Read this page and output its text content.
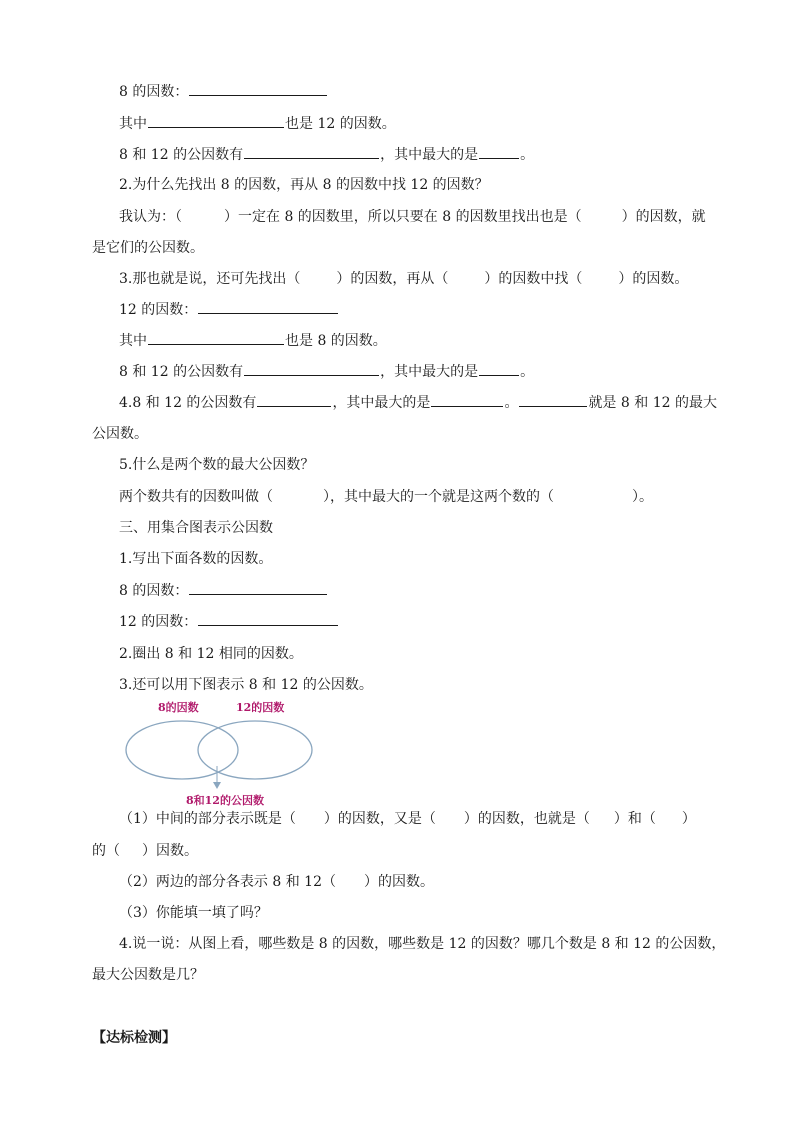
8 的因数：
其中	也是 12 的因数。
8 和 12 的公因数有	，其中最大的是	。
2.为什么先找出 8 的因数，再从 8 的因数中找 12 的因数？
我认为：（	）一定在 8 的因数里，所以只要在 8 的因数里找出也是（	）的因数，就
是它们的公因数。
3.那也就是说，还可先找出（	）的因数，再从（	）的因数中找（	）的因数。
12 的因数：
其中	也是 8 的因数。
8 和 12 的公因数有	，其中最大的是	。
4.8 和 12 的公因数有	，其中最大的是	。	就是 8 和 12 的最大
公因数。
5.什么是两个数的最大公因数？
两个数共有的因数叫做（	），其中最大的一个就是这两个数的（	）。
三、用集合图表示公因数
1.写出下面各数的因数。
8 的因数：
12 的因数：
2.圈出 8 和 12 相同的因数。
3.还可以用下图表示 8 和 12 的公因数。
8的因数	12的因数
8和12的公因数
（1）中间的部分表示既是（ ）的因数，又是（ ）的因数，也就是（ ）和（ ）
的（ ）因数。
（2）两边的部分各表示 8 和 12（ ）的因数。
（3）你能填一填了吗？
4.说一说：从图上看，哪些数是 8 的因数，哪些数是 12 的因数？哪几个数是 8 和 12 的公因数，
最大公因数是几？
【达标检测】
